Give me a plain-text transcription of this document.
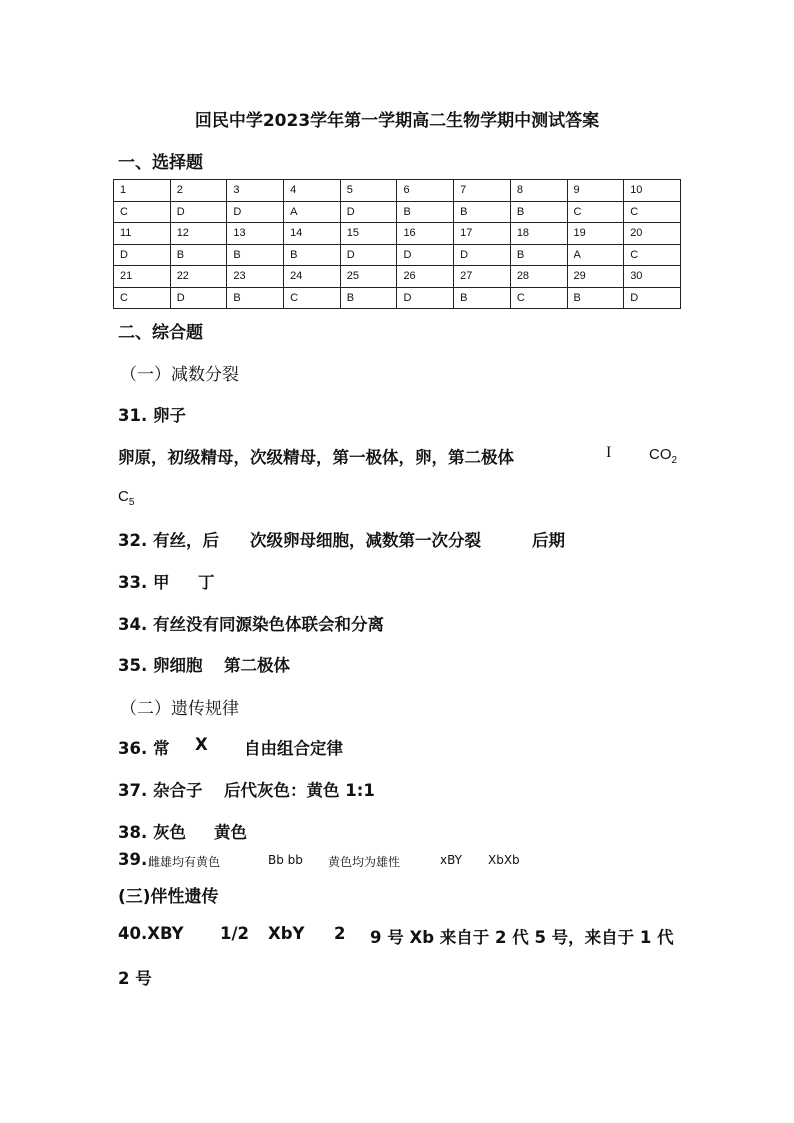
回民中学2023学年第一学期高二生物学期中测试答案
一、选择题
1	2	3	4	5	6	7	8	9	10
C	D	D	A	D	B	B	B	C	C
11	12	13	14	15	16	17	18	19	20
D	B	B	B	D	D	D	B	A	C
21	22	23	24	25	26	27	28	29	30
C	D	B	C	B	D	B	C	B	D
二、综合题
（一）减数分裂
31. 卵子
卵原，初级精母，次级精母，第一极体，卵，第二极体	I	$CO_2$
$C_5$
32. 有丝，后 次级卵母细胞，减数第一次分裂	后期
33. 甲 丁
34. 有丝没有同源染色体联会和分离
35. 卵细胞 第二极体
（二）遗传规律
36. 常 X 自由组合定律
37. 杂合子 后代灰色：黄色 1:1
38. 灰色 黄色
39. 雌雄均有黄色	Bb bb 黄色均为雄性	xBY XbXb
(三)伴性遗传
40.XBY 1/2 XbY 2 9 号 Xb 来自于 2 代 5 号，来自于 1 代
2 号
